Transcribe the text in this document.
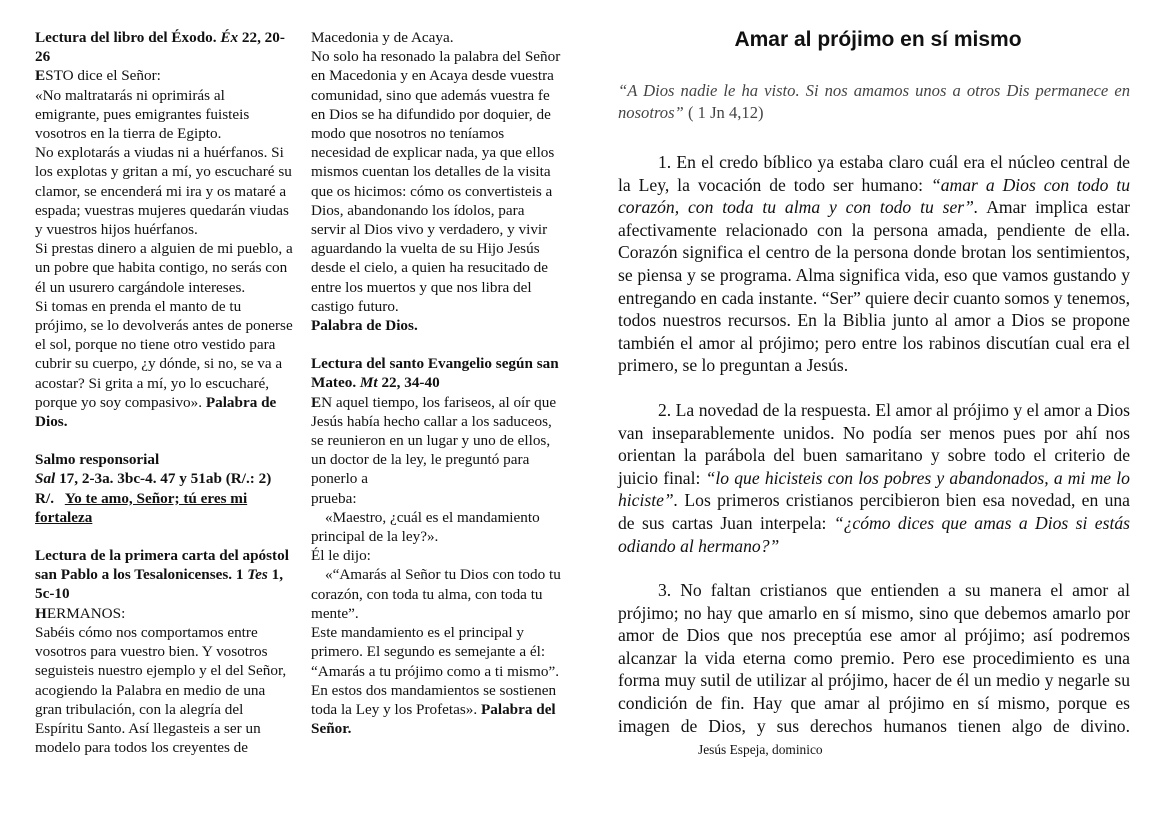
Lectura del libro del Éxodo. Éx 22, 20-26

ESTO dice el Señor:

«No maltratarás ni oprimirás al emigrante, pues emigrantes fuisteis vosotros en la tierra de Egipto.

No explotarás a viudas ni a huérfanos. Si los explotas y gritan a mí, yo escucharé su clamor, se encenderá mi ira y os mataré a espada; vuestras mujeres quedarán viudas y vuestros hijos huérfanos.

Si prestas dinero a alguien de mi pueblo, a un pobre que habita contigo, no serás con él un usurero cargándole intereses.

Si tomas en prenda el manto de tu prójimo, se lo devolverás antes de ponerse el sol, porque no tiene otro vestido para cubrir su cuerpo, ¿y dónde, si no, se va a acostar? Si grita a mí, yo lo escucharé, porque yo soy compasivo». Palabra de Dios.

Salmo responsorial

Sal 17, 2-3a. 3bc-4. 47 y 51ab (R/.: 2)

R/. Yo te amo, Señor; tú eres mi fortaleza

Lectura de la primera carta del apóstol san Pablo a los Tesalonicenses. 1 Tes 1, 5c-10

HERMANOS:

Sabéis cómo nos comportamos entre vosotros para vuestro bien. Y vosotros seguisteis nuestro ejemplo y el del Señor, acogiendo la Palabra en medio de una gran tribulación, con la alegría del Espíritu Santo. Así llegasteis a ser un modelo para todos los creyentes de

Macedonia y de Acaya.
No solo ha resonado la palabra del Señor en Macedonia y en Acaya desde vuestra comunidad, sino que además vuestra fe en Dios se ha difundido por doquier, de modo que nosotros no teníamos necesidad de explicar nada, ya que ellos mismos cuentan los detalles de la visita que os hicimos: cómo os convertisteis a Dios, abandonando los ídolos, para servir al Dios vivo y verdadero, y vivir aguardando la vuelta de su Hijo Jesús desde el cielo, a quien ha resucitado de entre los muertos y que nos libra del castigo futuro.

Palabra de Dios.

Lectura del santo Evangelio según san Mateo. Mt 22, 34-40

EN aquel tiempo, los fariseos, al oír que Jesús había hecho callar a los saduceos, se reunieron en un lugar y uno de ellos, un doctor de la ley, le preguntó para ponerlo a
prueba:

«Maestro, ¿cuál es el mandamiento principal de la ley?».

Él le dijo:

«“Amarás al Señor tu Dios con todo tu corazón, con toda tu alma, con toda tu mente”.

Este mandamiento es el principal y primero. El segundo es semejante a él:
“Amarás a tu prójimo como a ti mismo”.
En estos dos mandamientos se sostienen toda la Ley y los Profetas». Palabra del Señor.

Amar al prójimo en sí mismo

“A Dios nadie le ha visto. Si nos amamos unos a otros Dis permanece en nosotros” ( 1 Jn 4,12)

1. En el credo bíblico ya estaba claro cuál era el núcleo central de la Ley, la vocación de todo ser humano: “amar a Dios con todo tu corazón, con toda tu alma y con todo tu ser”. Amar implica estar afectivamente relacionado con la persona amada, pendiente de ella. Corazón significa el centro de la persona donde brotan los sentimientos, se piensa y se programa. Alma significa vida, eso que vamos gustando y entregando en cada instante. “Ser” quiere decir cuanto somos y tenemos, todos nuestros recursos. En la Biblia junto al amor a Dios se propone también el amor al prójimo; pero entre los rabinos discutían cual era el primero, se lo preguntan a Jesús.

2. La novedad de la respuesta. El amor al prójimo y el amor a Dios van inseparablemente unidos. No podía ser menos pues por ahí nos orientan la parábola del buen samaritano y sobre todo el criterio de juicio final: “lo que hicisteis con los pobres y abandonados, a mi me lo hiciste”. Los primeros cristianos percibieron bien esa novedad, en una de sus cartas Juan interpela: “¿cómo dices que amas a Dios si estás odiando al hermano?”

3. No faltan cristianos que entienden a su manera el amor al prójimo; no hay que amarlo en sí mismo, sino que debemos amarlo por amor de Dios que nos preceptúa ese amor al prójimo; así podremos alcanzar la vida eterna como premio. Pero ese procedimiento es una forma muy sutil de utilizar al prójimo, hacer de él un medio y negarle su condición de fin. Hay que amar al prójimo en sí mismo, porque es imagen de Dios, y sus derechos humanos tienen algo de divino.Jesús Espeja, dominico
